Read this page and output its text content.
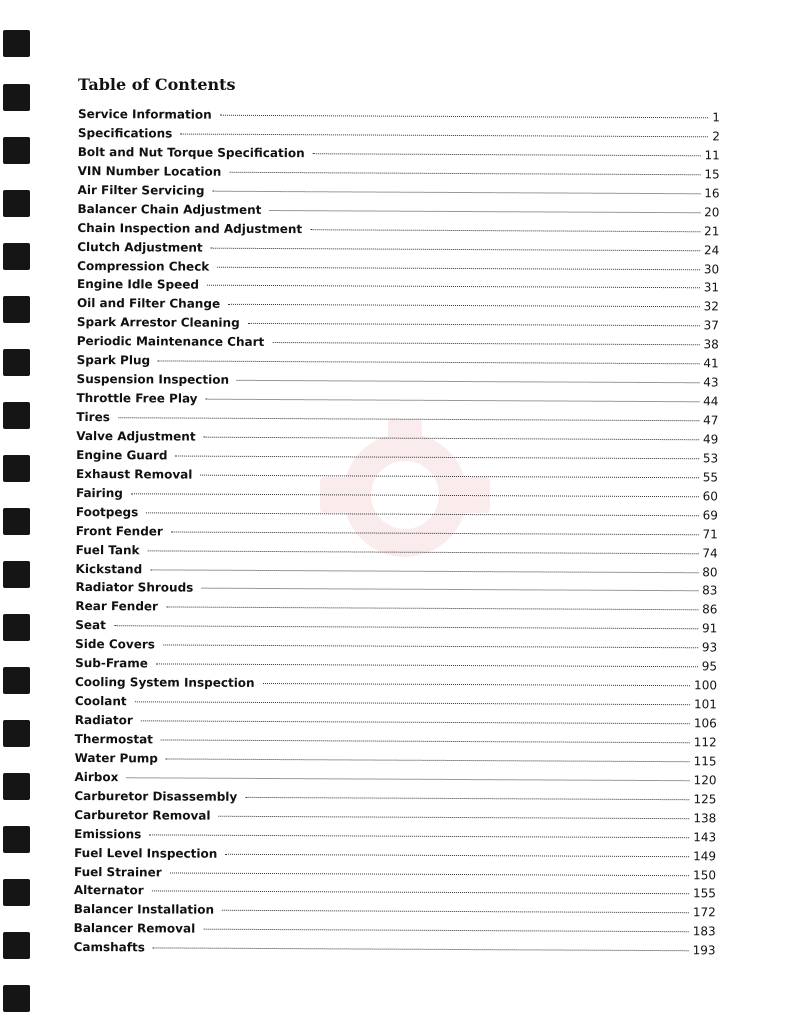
Table of Contents
Service Information	1
Specifications	2
Bolt and Nut Torque Specification	11
VIN Number Location	15
Air Filter Servicing	16
Balancer Chain Adjustment	20
Chain Inspection and Adjustment	21
Clutch Adjustment	24
Compression Check	30
Engine Idle Speed	31
Oil and Filter Change	32
Spark Arrestor Cleaning	37
Periodic Maintenance Chart	38
Spark Plug	41
Suspension Inspection	43
Throttle Free Play	44
Tires	47
Valve Adjustment	49
Engine Guard	53
Exhaust Removal	55
Fairing	60
Footpegs	69
Front Fender	71
Fuel Tank	74
Kickstand	80
Radiator Shrouds	83
Rear Fender	86
Seat	91
Side Covers	93
Sub-Frame	95
Cooling System Inspection	100
Coolant	101
Radiator	106
Thermostat	112
Water Pump	115
Airbox	120
Carburetor Disassembly	125
Carburetor Removal	138
Emissions	143
Fuel Level Inspection	149
Fuel Strainer	150
Alternator	155
Balancer Installation	172
Balancer Removal	183
Camshafts	193
